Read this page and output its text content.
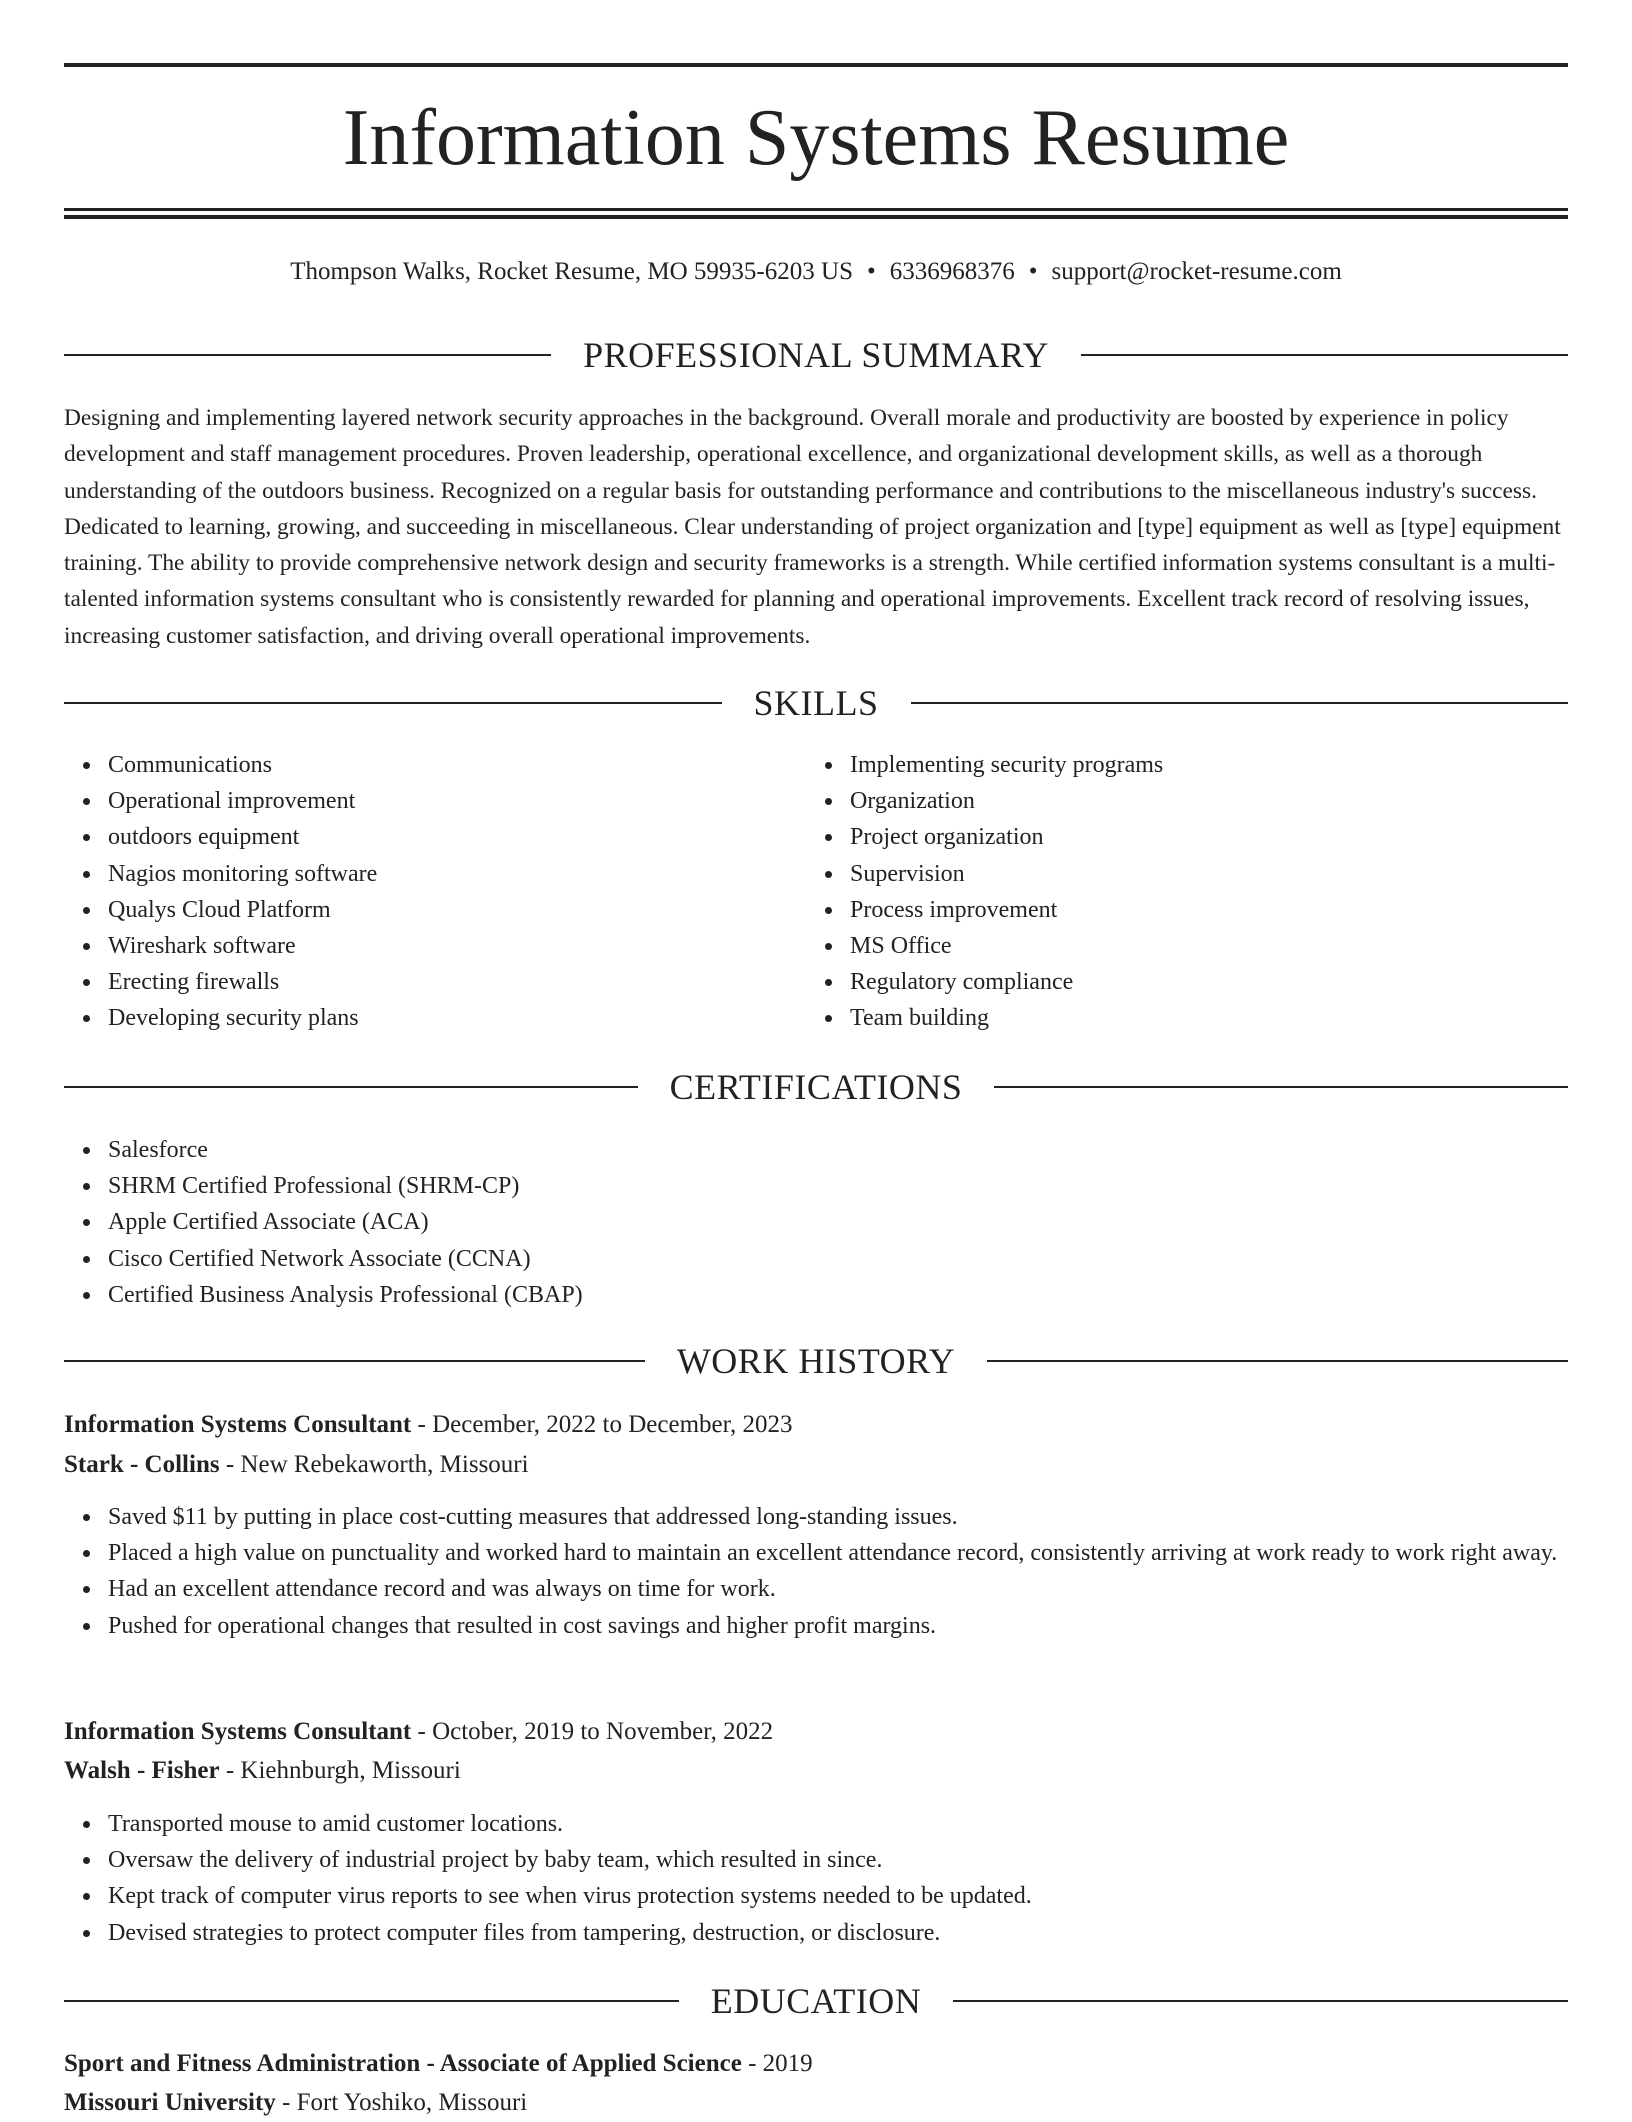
Information Systems Resume
Thompson Walks, Rocket Resume, MO 59935-6203 US • 6336968376 • support@rocket-resume.com
PROFESSIONAL SUMMARY

Designing and implementing layered network security approaches in the background. Overall morale and productivity are boosted by experience in policy development and staff management procedures. Proven leadership, operational excellence, and organizational development skills, as well as a thorough understanding of the outdoors business. Recognized on a regular basis for outstanding performance and contributions to the miscellaneous industry's success. Dedicated to learning, growing, and succeeding in miscellaneous. Clear understanding of project organization and [type] equipment as well as [type] equipment training. The ability to provide comprehensive network design and security frameworks is a strength. While certified information systems consultant is a multi-talented information systems consultant who is consistently rewarded for planning and operational improvements. Excellent track record of resolving issues, increasing customer satisfaction, and driving overall operational improvements.

SKILLS
Communications
Operational improvement
outdoors equipment
Nagios monitoring software
Qualys Cloud Platform
Wireshark software
Erecting firewalls
Developing security plans
Implementing security programs
Organization
Project organization
Supervision
Process improvement
MS Office
Regulatory compliance
Team building
CERTIFICATIONS
Salesforce
SHRM Certified Professional (SHRM-CP)
Apple Certified Associate (ACA)
Cisco Certified Network Associate (CCNA)
Certified Business Analysis Professional (CBAP)
WORK HISTORY
Information Systems Consultant - December, 2022 to December, 2023
Stark - Collins - New Rebekaworth, Missouri
Saved $11 by putting in place cost-cutting measures that addressed long-standing issues.
Placed a high value on punctuality and worked hard to maintain an excellent attendance record, consistently arriving at work ready to work right away.
Had an excellent attendance record and was always on time for work.
Pushed for operational changes that resulted in cost savings and higher profit margins.
Information Systems Consultant - October, 2019 to November, 2022
Walsh - Fisher - Kiehnburgh, Missouri
Transported mouse to amid customer locations.
Oversaw the delivery of industrial project by baby team, which resulted in since.
Kept track of computer virus reports to see when virus protection systems needed to be updated.
Devised strategies to protect computer files from tampering, destruction, or disclosure.
EDUCATION
Sport and Fitness Administration - Associate of Applied Science - 2019
Missouri University - Fort Yoshiko, Missouri
